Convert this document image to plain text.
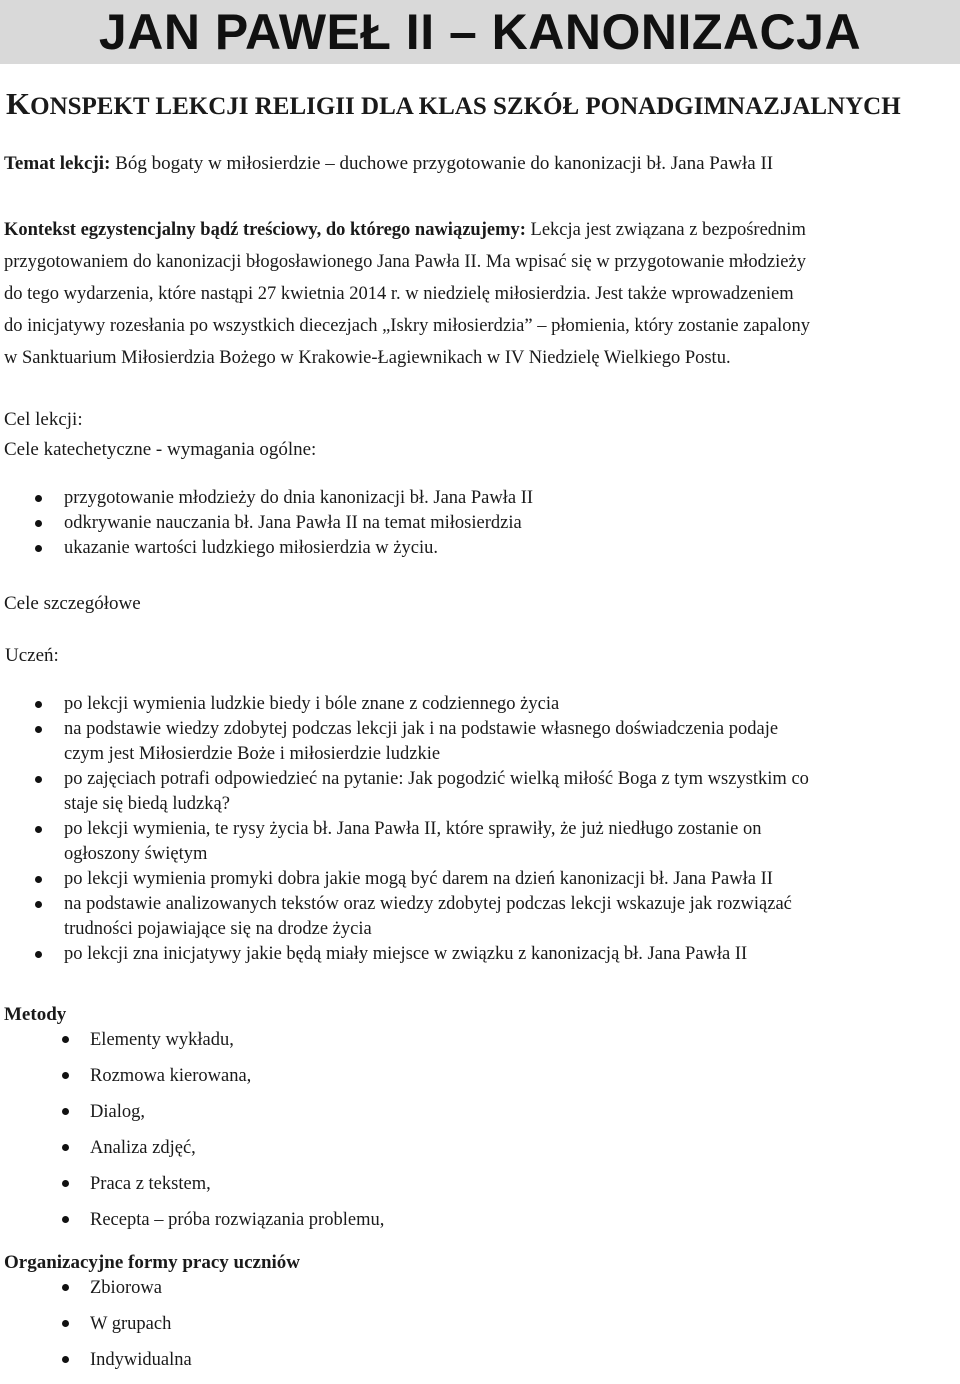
JAN PAWEŁ II – KANONIZACJA
KONSPEKT LEKCJI RELIGII DLA KLAS SZKÓŁ PONADGIMNAZJALNYCH
Temat lekcji: Bóg bogaty w miłosierdzie – duchowe przygotowanie do kanonizacji bł. Jana Pawła II

Kontekst egzystencjalny bądź treściowy, do którego nawiązujemy: Lekcja jest związana z bezpośrednim

przygotowaniem do kanonizacji błogosławionego Jana Pawła II. Ma wpisać się w przygotowanie młodzieży

do tego wydarzenia, które nastąpi 27 kwietnia 2014 r. w niedzielę miłosierdzia. Jest także wprowadzeniem

do inicjatywy rozesłania po wszystkich diecezjach „Iskry miłosierdzia” – płomienia, który zostanie zapalony

w Sanktuarium Miłosierdzia Bożego w Krakowie-Łagiewnikach w IV Niedzielę Wielkiego Postu.

Cel lekcji:
Cele katechetyczne - wymagania ogólne:
przygotowanie młodzieży do dnia kanonizacji bł. Jana Pawła II
odkrywanie nauczania bł. Jana Pawła II na temat miłosierdzia
ukazanie wartości ludzkiego miłosierdzia w życiu.
Cele szczegółowe
Uczeń:
po lekcji wymienia ludzkie biedy i bóle znane z codziennego życia
na podstawie wiedzy zdobytej podczas lekcji jak i na podstawie własnego doświadczenia podaje
czym jest Miłosierdzie Boże i miłosierdzie ludzkie
po zajęciach potrafi odpowiedzieć na pytanie: Jak pogodzić wielką miłość Boga z tym wszystkim co
staje się biedą ludzką?
po lekcji wymienia, te rysy życia bł. Jana Pawła II, które sprawiły, że już niedługo zostanie on
ogłoszony świętym
po lekcji wymienia promyki dobra jakie mogą być darem na dzień kanonizacji bł. Jana Pawła II
na podstawie analizowanych tekstów oraz wiedzy zdobytej podczas lekcji wskazuje jak rozwiązać
trudności pojawiające się na drodze życia
po lekcji zna inicjatywy jakie będą miały miejsce w związku z kanonizacją bł. Jana Pawła II
Metody
Elementy wykładu,
Rozmowa kierowana,
Dialog,
Analiza zdjęć,
Praca z tekstem,
Recepta – próba rozwiązania problemu,
Organizacyjne formy pracy uczniów
Zbiorowa
W grupach
Indywidualna
